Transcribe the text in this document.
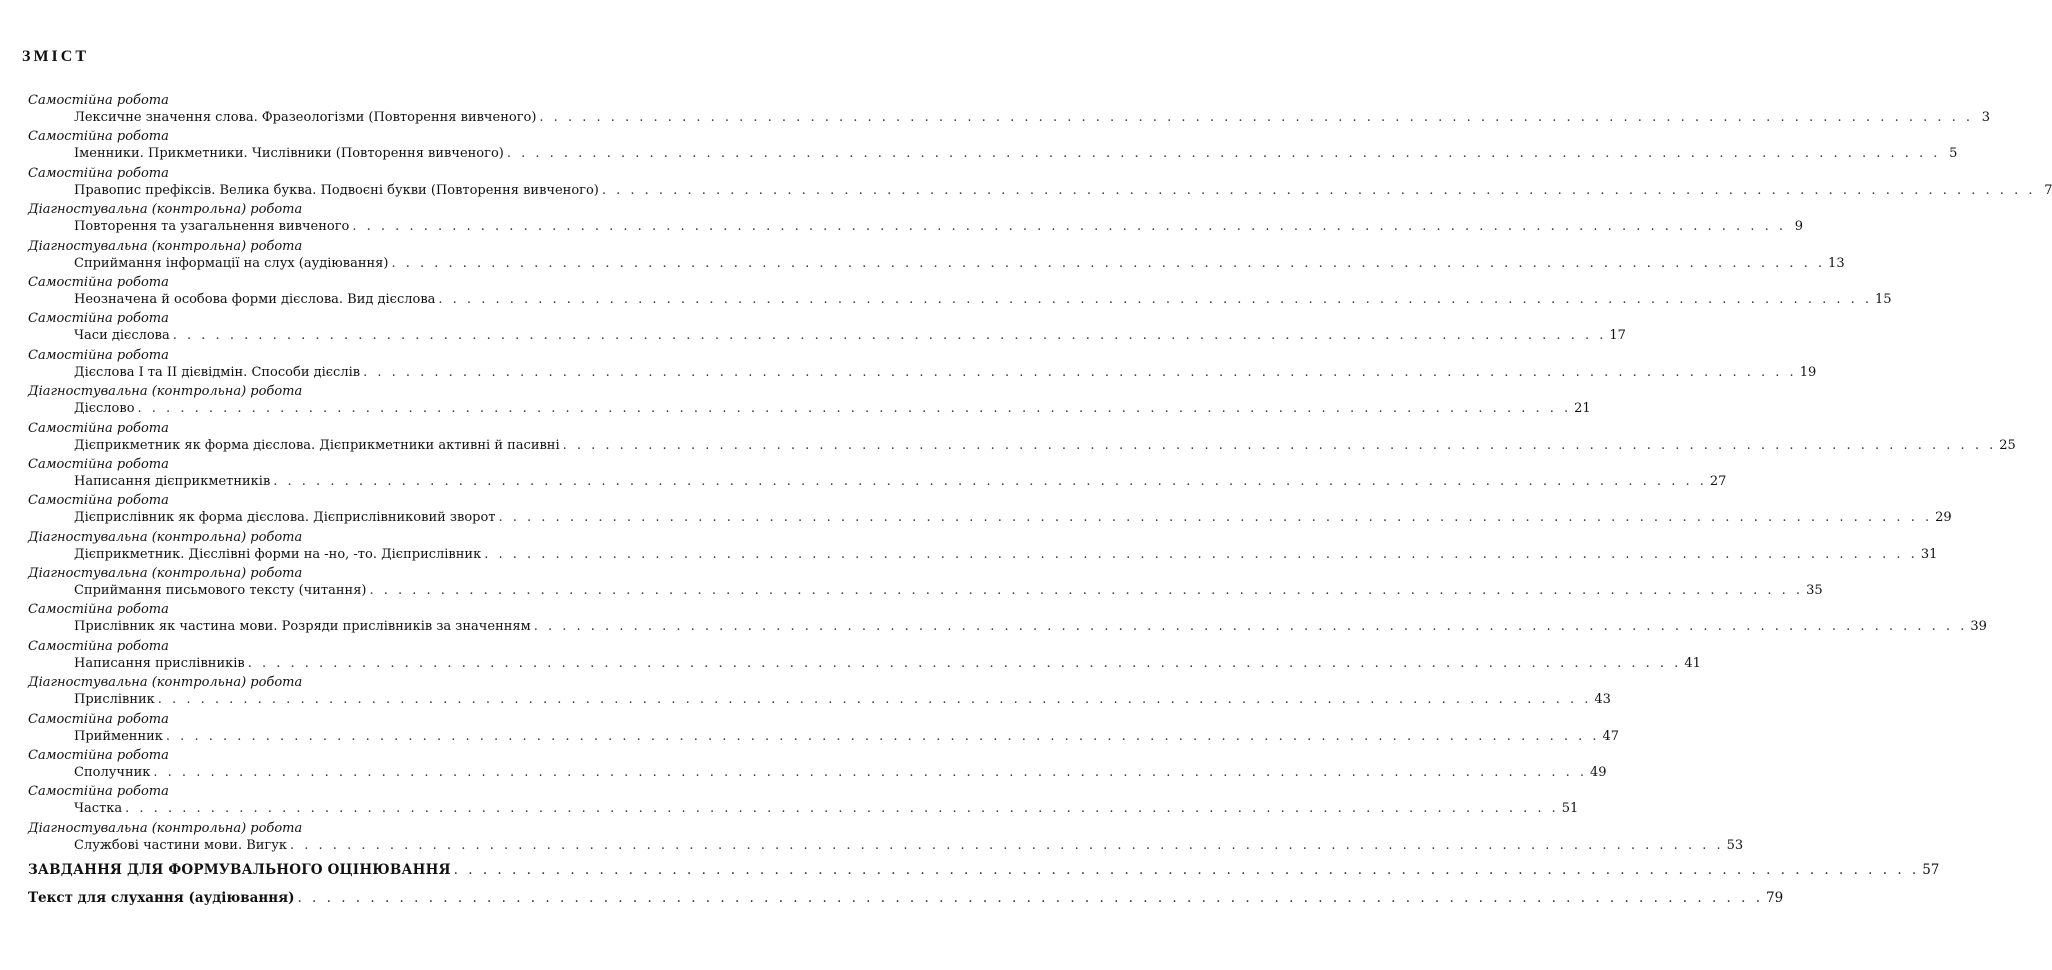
ЗМІСТ
Самостійна робота
Лексичне значення слова. Фразеологізми (Повторення вивченого) . . . . . . . . . . . . . . . . . . . . . . . . . . . . . . . . . . . . . . . . . . . . . . . . . . . . . . . . . . . . . . . . . . . . . . . . . . . . . . . . . . . . . . . . . . . . . . . . . . . . . 3
Самостійна робота
Іменники. Прикметники. Числівники (Повторення вивченого) . . . . . . . . . . . . . . . . . . . . . . . . . . . . . . . . . . . . . . . . . . . . . . . . . . . . . . . . . . . . . . . . . . . . . . . . . . . . . . . . . . . . . . . . . . . . . . . . . . . . . 5
Самостійна робота
Правопис префіксів. Велика буква. Подвоєні букви (Повторення вивченого) . . . . . . . . . . . . . . . . . . . . . . . . . . . . . . . . . . . . . . . . . . . . . . . . . . . . . . . . . . . . . . . . . . . . . . . . . . . . . . . . . . . . . . . . . . . . . . . . . . . . . 7
Діагностувальна (контрольна) робота
Повторення та узагальнення вивченого . . . . . . . . . . . . . . . . . . . . . . . . . . . . . . . . . . . . . . . . . . . . . . . . . . . . . . . . . . . . . . . . . . . . . . . . . . . . . . . . . . . . . . . . . . . . . . . . . . . . . 9
Діагностувальна (контрольна) робота
Сприймання інформації на слух (аудіювання) . . . . . . . . . . . . . . . . . . . . . . . . . . . . . . . . . . . . . . . . . . . . . . . . . . . . . . . . . . . . . . . . . . . . . . . . . . . . . . . . . . . . . . . . . . . . . . . . . . . . . 13
Самостійна робота
Неозначена й особова форми дієслова. Вид дієслова . . . . . . . . . . . . . . . . . . . . . . . . . . . . . . . . . . . . . . . . . . . . . . . . . . . . . . . . . . . . . . . . . . . . . . . . . . . . . . . . . . . . . . . . . . . . . . . . . . . . . 15
Самостійна робота
Часи дієслова . . . . . . . . . . . . . . . . . . . . . . . . . . . . . . . . . . . . . . . . . . . . . . . . . . . . . . . . . . . . . . . . . . . . . . . . . . . . . . . . . . . . . . . . . . . . . . . . . . . . . 17
Самостійна робота
Дієслова I та II дієвідмін. Способи дієслів . . . . . . . . . . . . . . . . . . . . . . . . . . . . . . . . . . . . . . . . . . . . . . . . . . . . . . . . . . . . . . . . . . . . . . . . . . . . . . . . . . . . . . . . . . . . . . . . . . . . . 19
Діагностувальна (контрольна) робота
Дієслово . . . . . . . . . . . . . . . . . . . . . . . . . . . . . . . . . . . . . . . . . . . . . . . . . . . . . . . . . . . . . . . . . . . . . . . . . . . . . . . . . . . . . . . . . . . . . . . . . . . . . 21
Самостійна робота
Дієприкметник як форма дієслова. Дієприкметники активні й пасивні . . . . . . . . . . . . . . . . . . . . . . . . . . . . . . . . . . . . . . . . . . . . . . . . . . . . . . . . . . . . . . . . . . . . . . . . . . . . . . . . . . . . . . . . . . . . . . . . . . . . . 25
Самостійна робота
Написання дієприкметників . . . . . . . . . . . . . . . . . . . . . . . . . . . . . . . . . . . . . . . . . . . . . . . . . . . . . . . . . . . . . . . . . . . . . . . . . . . . . . . . . . . . . . . . . . . . . . . . . . . . . 27
Самостійна робота
Дієприслівник як форма дієслова. Дієприслівниковий зворот . . . . . . . . . . . . . . . . . . . . . . . . . . . . . . . . . . . . . . . . . . . . . . . . . . . . . . . . . . . . . . . . . . . . . . . . . . . . . . . . . . . . . . . . . . . . . . . . . . . . . 29
Діагностувальна (контрольна) робота
Дієприкметник. Дієслівні форми на -но, -то. Дієприслівник . . . . . . . . . . . . . . . . . . . . . . . . . . . . . . . . . . . . . . . . . . . . . . . . . . . . . . . . . . . . . . . . . . . . . . . . . . . . . . . . . . . . . . . . . . . . . . . . . . . . . 31
Діагностувальна (контрольна) робота
Сприймання письмового тексту (читання) . . . . . . . . . . . . . . . . . . . . . . . . . . . . . . . . . . . . . . . . . . . . . . . . . . . . . . . . . . . . . . . . . . . . . . . . . . . . . . . . . . . . . . . . . . . . . . . . . . . . . 35
Самостійна робота
Прислівник як частина мови. Розряди прислівників за значенням . . . . . . . . . . . . . . . . . . . . . . . . . . . . . . . . . . . . . . . . . . . . . . . . . . . . . . . . . . . . . . . . . . . . . . . . . . . . . . . . . . . . . . . . . . . . . . . . . . . . . 39
Самостійна робота
Написання прислівників . . . . . . . . . . . . . . . . . . . . . . . . . . . . . . . . . . . . . . . . . . . . . . . . . . . . . . . . . . . . . . . . . . . . . . . . . . . . . . . . . . . . . . . . . . . . . . . . . . . . . 41
Діагностувальна (контрольна) робота
Прислівник . . . . . . . . . . . . . . . . . . . . . . . . . . . . . . . . . . . . . . . . . . . . . . . . . . . . . . . . . . . . . . . . . . . . . . . . . . . . . . . . . . . . . . . . . . . . . . . . . . . . . 43
Самостійна робота
Прийменник . . . . . . . . . . . . . . . . . . . . . . . . . . . . . . . . . . . . . . . . . . . . . . . . . . . . . . . . . . . . . . . . . . . . . . . . . . . . . . . . . . . . . . . . . . . . . . . . . . . . . 47
Самостійна робота
Сполучник . . . . . . . . . . . . . . . . . . . . . . . . . . . . . . . . . . . . . . . . . . . . . . . . . . . . . . . . . . . . . . . . . . . . . . . . . . . . . . . . . . . . . . . . . . . . . . . . . . . . . 49
Самостійна робота
Частка . . . . . . . . . . . . . . . . . . . . . . . . . . . . . . . . . . . . . . . . . . . . . . . . . . . . . . . . . . . . . . . . . . . . . . . . . . . . . . . . . . . . . . . . . . . . . . . . . . . . . 51
Діагностувальна (контрольна) робота
Службові частини мови. Вигук . . . . . . . . . . . . . . . . . . . . . . . . . . . . . . . . . . . . . . . . . . . . . . . . . . . . . . . . . . . . . . . . . . . . . . . . . . . . . . . . . . . . . . . . . . . . . . . . . . . . . 53
ЗАВДАННЯ ДЛЯ ФОРМУВАЛЬНОГО ОЦІНЮВАННЯ . . . . . . . . . . . . . . . . . . . . . . . . . . . . . . . . . . . . . . . . . . . . . . . . . . . . . . . . . . . . . . . . . . . . . . . . . . . . . . . . . . . . . . . . . . . . . . . . . . . . . 57
Текст для слухання (аудіювання) . . . . . . . . . . . . . . . . . . . . . . . . . . . . . . . . . . . . . . . . . . . . . . . . . . . . . . . . . . . . . . . . . . . . . . . . . . . . . . . . . . . . . . . . . . . . . . . . . . . . . 79
